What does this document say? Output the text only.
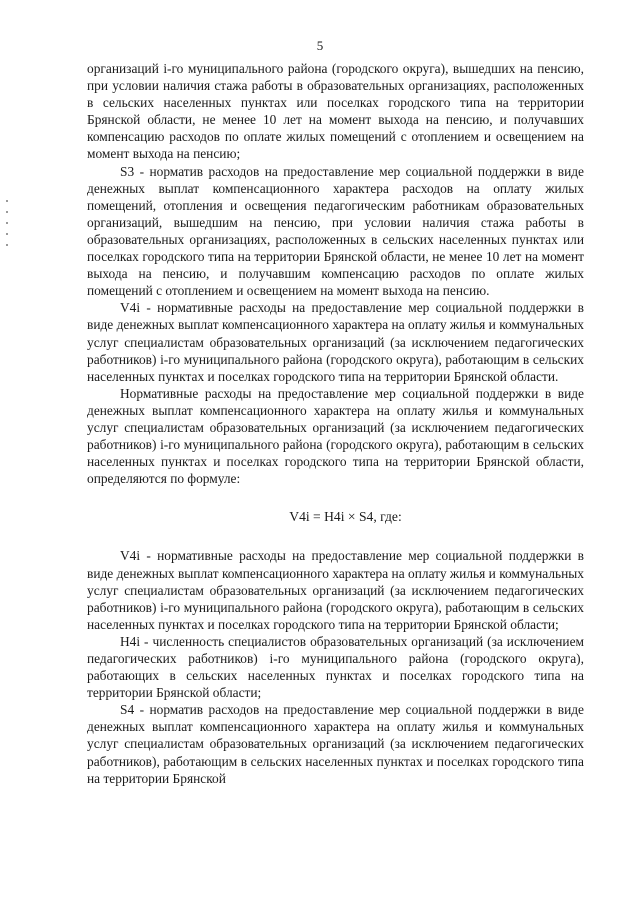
5

организаций i-го муниципального района (городского округа), вышедших на пенсию, при условии наличия стажа работы в образовательных организациях, расположенных в сельских населенных пунктах или поселках городского типа на территории Брянской области, не менее 10 лет на момент выхода на пенсию, и получавших компенсацию расходов по оплате жилых помещений с отоплением и освещением на момент выхода на пенсию;

S3 - норматив расходов на предоставление мер социальной поддержки в виде денежных выплат компенсационного характера расходов на оплату жилых помещений, отопления и освещения педагогическим работникам образовательных организаций, вышедшим на пенсию, при условии наличия стажа работы в образовательных организациях, расположенных в сельских населенных пунктах или поселках городского типа на территории Брянской области, не менее 10 лет на момент выхода на пенсию, и получавшим компенсацию расходов по оплате жилых помещений с отоплением и освещением на момент выхода на пенсию.

V4i - нормативные расходы на предоставление мер социальной поддержки в виде денежных выплат компенсационного характера на оплату жилья и коммунальных услуг специалистам образовательных организаций (за исключением педагогических работников) i-го муниципального района (городского округа), работающим в сельских населенных пунктах и поселках городского типа на территории Брянской области.

Нормативные расходы на предоставление мер социальной поддержки в виде денежных выплат компенсационного характера на оплату жилья и коммунальных услуг специалистам образовательных организаций (за исключением педагогических работников) i-го муниципального района (городского округа), работающим в сельских населенных пунктах и поселках городского типа на территории Брянской области, определяются по формуле:

V4i = H4i × S4, где:

V4i - нормативные расходы на предоставление мер социальной поддержки в виде денежных выплат компенсационного характера на оплату жилья и коммунальных услуг специалистам образовательных организаций (за исключением педагогических работников) i-го муниципального района (городского округа), работающим в сельских населенных пунктах и поселках городского типа на территории Брянской области;

H4i - численность специалистов образовательных организаций (за исключением педагогических работников) i-го муниципального района (городского округа), работающих в сельских населенных пунктах и поселках городского типа на территории Брянской области;

S4 - норматив расходов на предоставление мер социальной поддержки в виде денежных выплат компенсационного характера на оплату жилья и коммунальных услуг специалистам образовательных организаций (за исключением педагогических работников), работающим в сельских населенных пунктах и поселках городского типа на территории Брянской
